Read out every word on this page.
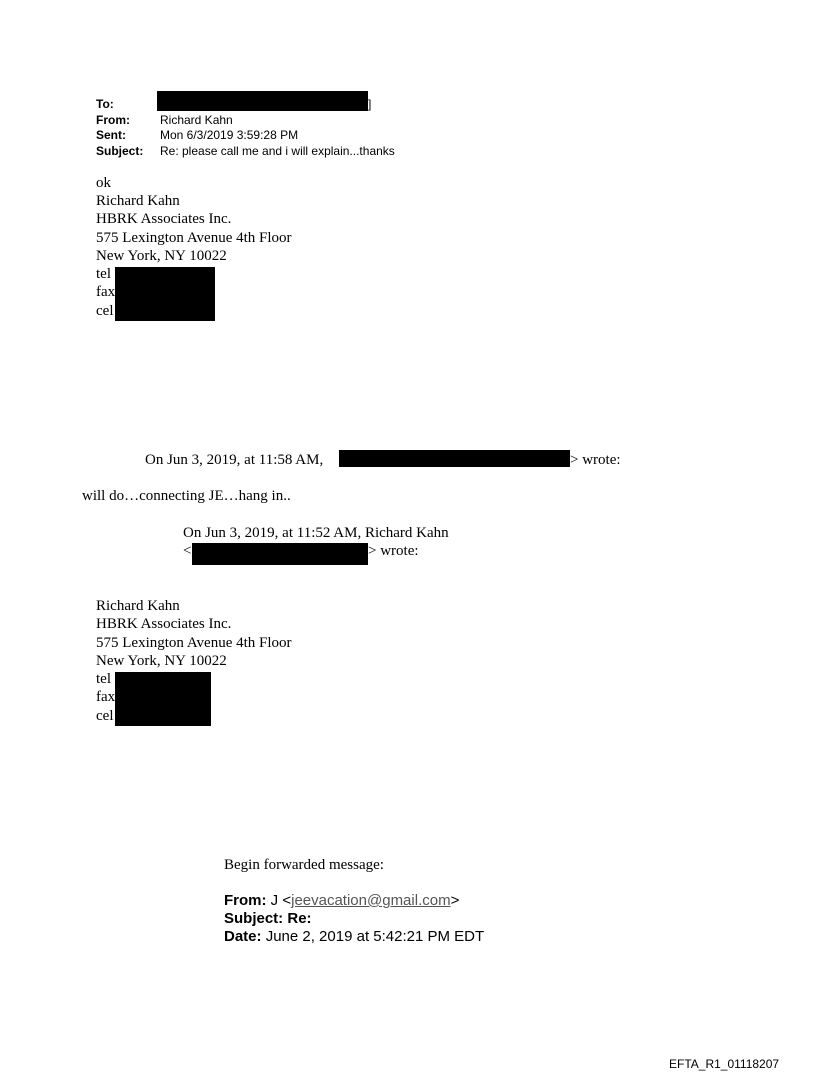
To:	]
From:	Richard Kahn
Sent:	Mon 6/3/2019 3:59:28 PM
Subject: Re: please call me and i will explain...thanks
ok
Richard Kahn
HBRK Associates Inc.
575 Lexington Avenue 4th Floor
New York, NY 10022
tel
fax
cel
On Jun 3, 2019, at 11:58 AM,	> wrote:
will do…connecting JE…hang in..
On Jun 3, 2019, at 11:52 AM, Richard Kahn
<	> wrote:
Richard Kahn
HBRK Associates Inc.
575 Lexington Avenue 4th Floor
New York, NY 10022
tel
fax
cel
Begin forwarded message:
From: J <jeevacation@gmail.com>
Subject: Re:
Date: June 2, 2019 at 5:42:21 PM EDT
EFTA_R1_01118207
